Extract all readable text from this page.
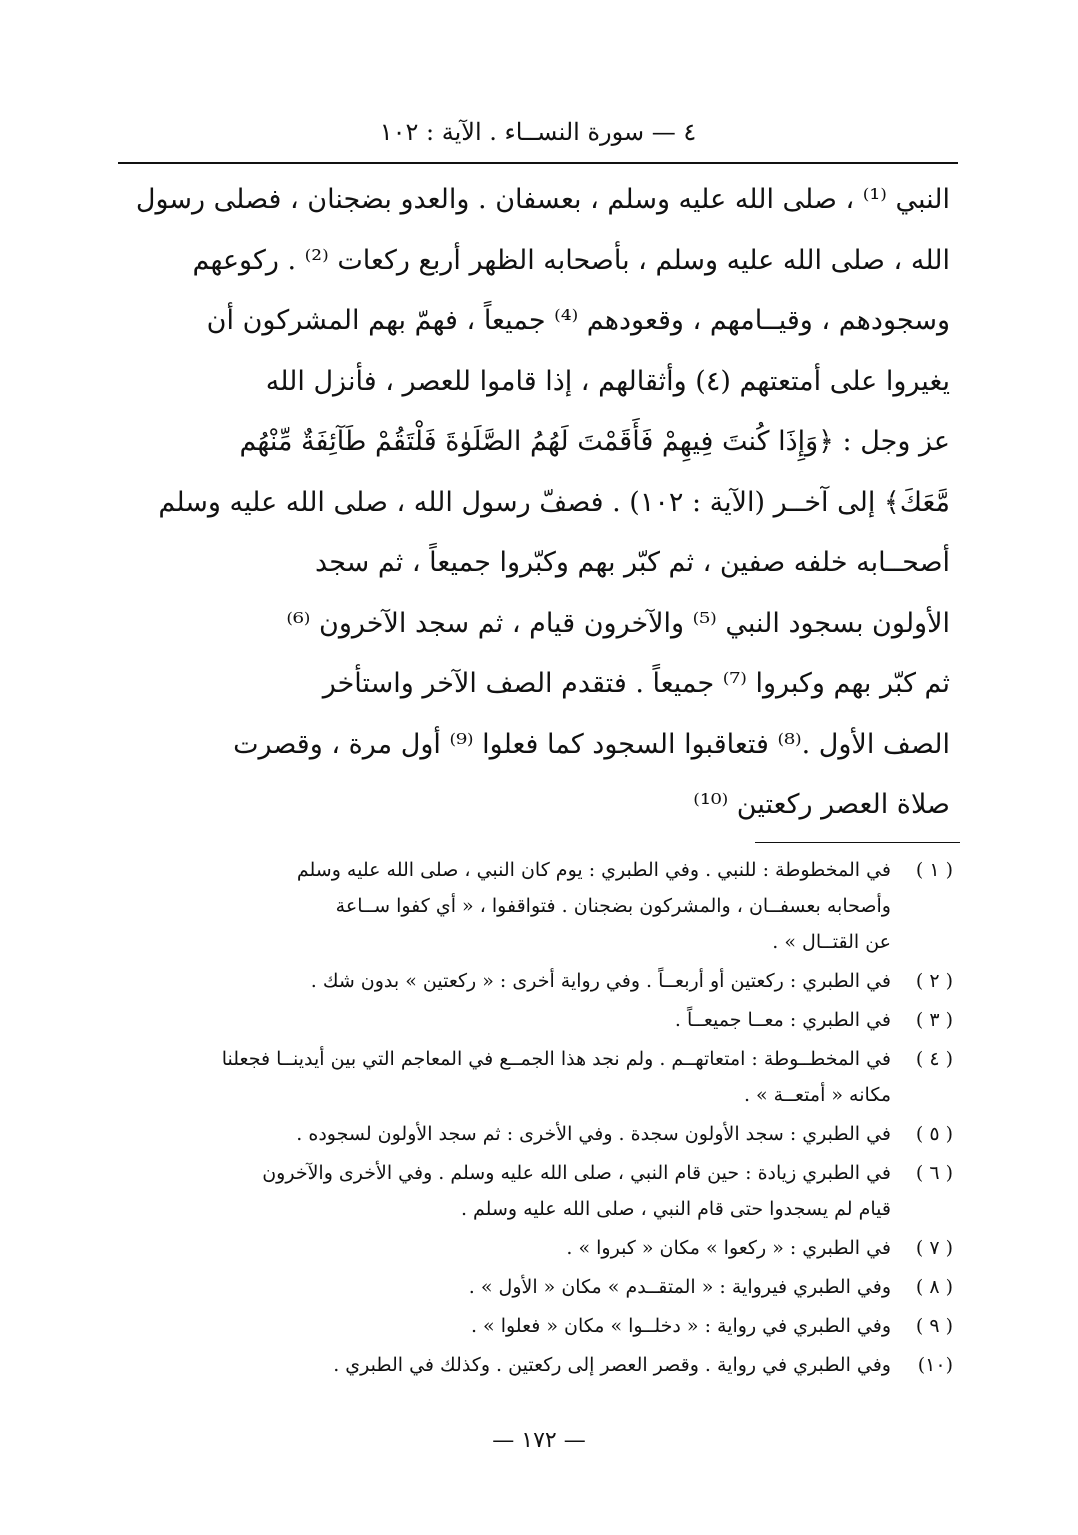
٤ — سورة النســاء . الآية : ١٠٢
النبي ⁽¹⁾ ، صلى الله عليه وسلم ، بعسفان . والعدو بضجنان ، فصلى رسول
الله ، صلى الله عليه وسلم ، بأصحابه الظهر أربع ركعات ⁽²⁾ . ركوعهم
وسجودهم ، وقيــامهم ، وقعودهم ⁽⁴⁾ جميعاً ، فهمّ بهم المشركون أن
يغيروا على أمتعتهم (٤) وأثقالهم ، إذا قاموا للعصر ، فأنزل الله
عز وجل : ﴿وَإِذَا كُنتَ فِيهِمْ فَأَقَمْتَ لَهُمُ الصَّلَوٰةَ فَلْتَقُمْ طَآئِفَةٌ مِّنْهُم
مَّعَكَ﴾ إلى آخــر (الآية : ١٠٢) . فصفّ رسول الله ، صلى الله عليه وسلم
أصحــابه خلفه صفين ، ثم كبّر بهم وكبّروا جميعاً ، ثم سجد
الأولون بسجود النبي ⁽⁵⁾ والآخرون قيام ، ثم سجد الآخرون ⁽⁶⁾
ثم كبّر بهم وكبروا ⁽⁷⁾ جميعاً . فتقدم الصف الآخر واستأخر
الصف الأول .⁽⁸⁾ فتعاقبوا السجود كما فعلوا ⁽⁹⁾ أول مرة ، وقصرت
صلاة العصر ركعتين ⁽¹⁰⁾
( ١ )
في المخطوطة : للنبي . وفي الطبري : يوم كان النبي ، صلى الله عليه وسلم
وأصحابه بعسفــان ، والمشركون بضجنان . فتواقفوا ، « أي كفوا ســاعة
عن القتــال » .
( ٢ )
في الطبري : ركعتين أو أربعــاً . وفي رواية أخرى : « ركعتين » بدون شك .
( ٣ )
في الطبري : معــا جميعــاً .
( ٤ )
في المخطــوطة : امتعاتهــم . ولم نجد هذا الجمــع في المعاجم التي بين أيدينــا فجعلنا
مكانه « أمتعــة » .
( ٥ )
في الطبري : سجد الأولون سجدة . وفي الأخرى : ثم سجد الأولون لسجوده .
( ٦ )
في الطبري زيادة : حين قام النبي ، صلى الله عليه وسلم . وفي الأخرى والآخرون
قيام لم يسجدوا حتى قام النبي ، صلى الله عليه وسلم .
( ٧ )
في الطبري : « ركعوا » مكان « كبروا » .
( ٨ )
وفي الطبري فيرواية : « المتقــدم » مكان « الأول » .
( ٩ )
وفي الطبري في رواية : « دخلــوا » مكان « فعلوا » .
(١٠)
وفي الطبري في رواية . وقصر العصر إلى ركعتين . وكذلك في الطبري .
— ١٧٢ —
